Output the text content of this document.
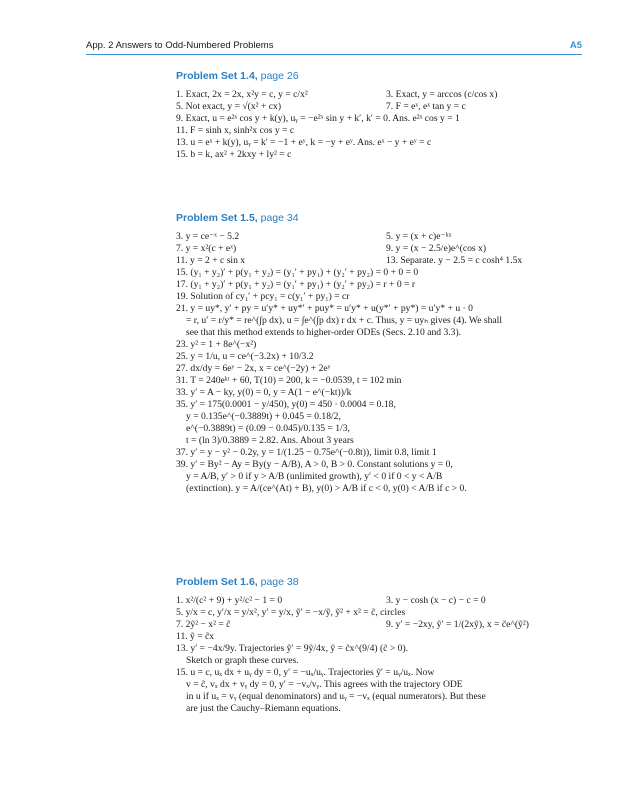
App. 2 Answers to Odd-Numbered Problems	A5
Problem Set 1.4, page 26
1. Exact, 2x = 2x, x²y = c, y = c/x²	3. Exact, y = arccos (c/cos x)
5. Not exact, y = √(x² + cx)	7. F = eˣ, eˣ tan y = c
9. Exact, u = e²ˣ cos y + k(y), uᵧ = −e²ˣ sin y + k′, k′ = 0. Ans. e²ˣ cos y = 1
11. F = sinh x, sinh²x cos y = c
13. u = eˣ + k(y), uᵧ = k′ = −1 + eʸ, k = −y + eʸ. Ans. eˣ − y + eʸ = c
15. b = k, ax² + 2kxy + ly² = c
Problem Set 1.5, page 34
3. y = ce⁻ˣ − 5.2	5. y = (x + c)e⁻ᵏˣ
7. y = x²(c + eˣ)	9. y = (x − 2.5/e)e^(cos x)
11. y = 2 + c sin x	13. Separate. y − 2.5 = c cosh⁴ 1.5x
15. (y₁ + y₂)′ + p(y₁ + y₂) = (y₁′ + py₁) + (y₂′ + py₂) = 0 + 0 = 0
17. (y₁ + y₂)′ + p(y₁ + y₂) = (y₁′ + py₁) + (y₂′ + py₂) = r + 0 = r
19. Solution of cy₁′ + pcy₁ = c(y₁′ + py₁) = cr
21. y = uy*, y′ + py = u′y* + uy*′ + puy* = u′y* + u(y*′ + py*) = u′y* + u · 0
= r, u′ = r/y* = re^(∫p dx), u = ∫e^(∫p dx) r dx + c. Thus, y = uyₕ gives (4). We shall
see that this method extends to higher-order ODEs (Secs. 2.10 and 3.3).
23. y² = 1 + 8e^(−x²)
25. y = 1/u, u = ce^(−3.2x) + 10/3.2
27. dx/dy = 6eʸ − 2x, x = ce^(−2y) + 2eʸ
31. T = 240eᵏᵗ + 60, T(10) = 200, k = −0.0539, t = 102 min
33. y′ = A − ky, y(0) = 0, y = A(1 − e^(−kt))/k
35. y′ = 175(0.0001 − y/450), y(0) = 450 · 0.0004 = 0.18,
y = 0.135e^(−0.3889t) + 0.045 = 0.18/2,
e^(−0.3889t) = (0.09 − 0.045)/0.135 = 1/3,
t = (ln 3)/0.3889 = 2.82. Ans. About 3 years
37. y′ = y − y² − 0.2y, y = 1/(1.25 − 0.75e^(−0.8t)), limit 0.8, limit 1
39. y′ = By² − Ay = By(y − A/B), A > 0, B > 0. Constant solutions y = 0,
y = A/B, y′ > 0 if y > A/B (unlimited growth), y′ < 0 if 0 < y < A/B
(extinction). y = A/(ce^(At) + B), y(0) > A/B if c < 0, y(0) < A/B if c > 0.
Problem Set 1.6, page 38
1. x²/(c² + 9) + y²/c² − 1 = 0	3. y − cosh (x − c) − c = 0
5. y/x = c, y′/x = y/x², y′ = y/x, ỹ′ = −x/ỹ, ỹ² + x² = c̃, circles
7. 2ỹ² − x² = c̃	9. y′ = −2xy, ỹ′ = 1/(2xỹ), x = c̃e^(ỹ²)
11. ỹ = c̃x
13. y′ = −4x/9y. Trajectories ỹ′ = 9ỹ/4x, ỹ = c̃x^(9/4) (c̃ > 0).
Sketch or graph these curves.
15. u = c, uₓ dx + uᵧ dy = 0, y′ = −uₓ/uᵧ. Trajectories ỹ′ = uᵧ/uₓ. Now
v = c̃, vₓ dx + vᵧ dy = 0, y′ = −vₓ/vᵧ. This agrees with the trajectory ODE
in u if uₓ = vᵧ (equal denominators) and uᵧ = −vₓ (equal numerators). But these
are just the Cauchy–Riemann equations.
